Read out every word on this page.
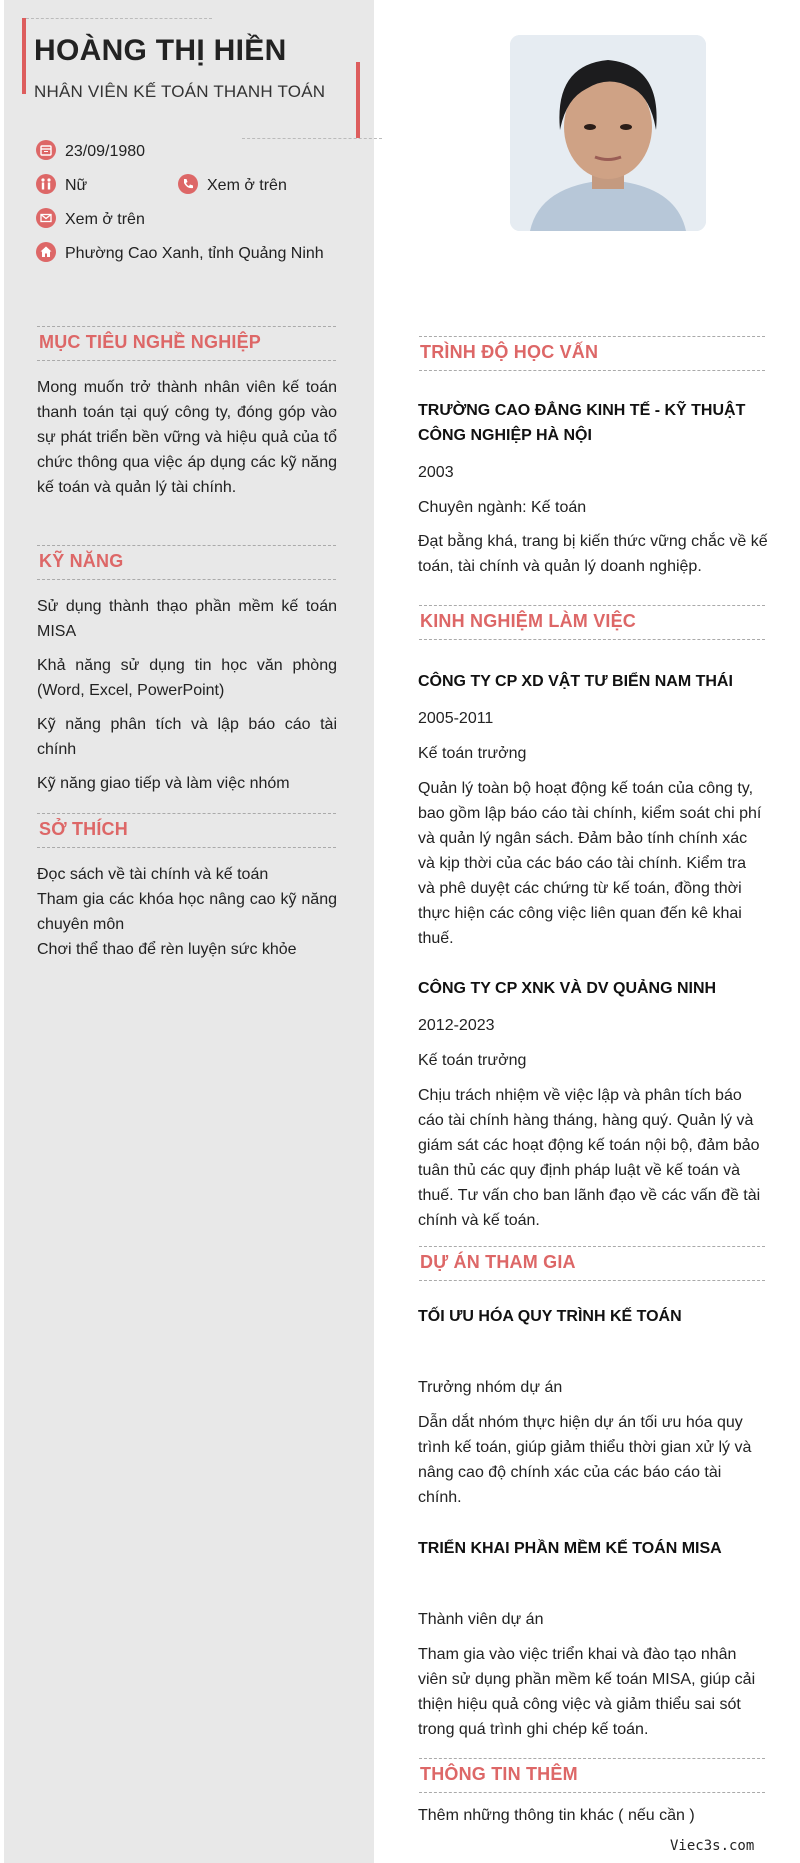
HOÀNG THỊ HIỀN
NHÂN VIÊN KẾ TOÁN THANH TOÁN
23/09/1980
Nữ	Xem ở trên
Xem ở trên
Phường Cao Xanh, tỉnh Quảng Ninh
MỤC TIÊU NGHỀ NGHIỆP
Mong muốn trở thành nhân viên kế toán thanh toán tại quý công ty, đóng góp vào sự phát triển bền vững và hiệu quả của tổ chức thông qua việc áp dụng các kỹ năng kế toán và quản lý tài chính.
KỸ NĂNG
Sử dụng thành thạo phần mềm kế toán MISA
Khả năng sử dụng tin học văn phòng (Word, Excel, PowerPoint)
Kỹ năng phân tích và lập báo cáo tài chính
Kỹ năng giao tiếp và làm việc nhóm
SỞ THÍCH
Đọc sách về tài chính và kế toán
Tham gia các khóa học nâng cao kỹ năng chuyên môn
Chơi thể thao để rèn luyện sức khỏe
TRÌNH ĐỘ HỌC VẤN
TRƯỜNG CAO ĐẲNG KINH TẾ - KỸ THUẬT CÔNG NGHIỆP HÀ NỘI
2003
Chuyên ngành: Kế toán
Đạt bằng khá, trang bị kiến thức vững chắc về kế toán, tài chính và quản lý doanh nghiệp.
KINH NGHIỆM LÀM VIỆC
CÔNG TY CP XD VẬT TƯ BIỂN NAM THÁI
2005-2011
Kế toán trưởng
Quản lý toàn bộ hoạt động kế toán của công ty, bao gồm lập báo cáo tài chính, kiểm soát chi phí và quản lý ngân sách. Đảm bảo tính chính xác và kịp thời của các báo cáo tài chính. Kiểm tra và phê duyệt các chứng từ kế toán, đồng thời thực hiện các công việc liên quan đến kê khai thuế.
CÔNG TY CP XNK VÀ DV QUẢNG NINH
2012-2023
Kế toán trưởng
Chịu trách nhiệm về việc lập và phân tích báo cáo tài chính hàng tháng, hàng quý. Quản lý và giám sát các hoạt động kế toán nội bộ, đảm bảo tuân thủ các quy định pháp luật về kế toán và thuế. Tư vấn cho ban lãnh đạo về các vấn đề tài chính và kế toán.
DỰ ÁN THAM GIA
TỐI ƯU HÓA QUY TRÌNH KẾ TOÁN
Trưởng nhóm dự án
Dẫn dắt nhóm thực hiện dự án tối ưu hóa quy trình kế toán, giúp giảm thiểu thời gian xử lý và nâng cao độ chính xác của các báo cáo tài chính.
TRIỂN KHAI PHẦN MỀM KẾ TOÁN MISA
Thành viên dự án
Tham gia vào việc triển khai và đào tạo nhân viên sử dụng phần mềm kế toán MISA, giúp cải thiện hiệu quả công việc và giảm thiểu sai sót trong quá trình ghi chép kế toán.
THÔNG TIN THÊM
Thêm những thông tin khác ( nếu cần )
Viec3s.com
